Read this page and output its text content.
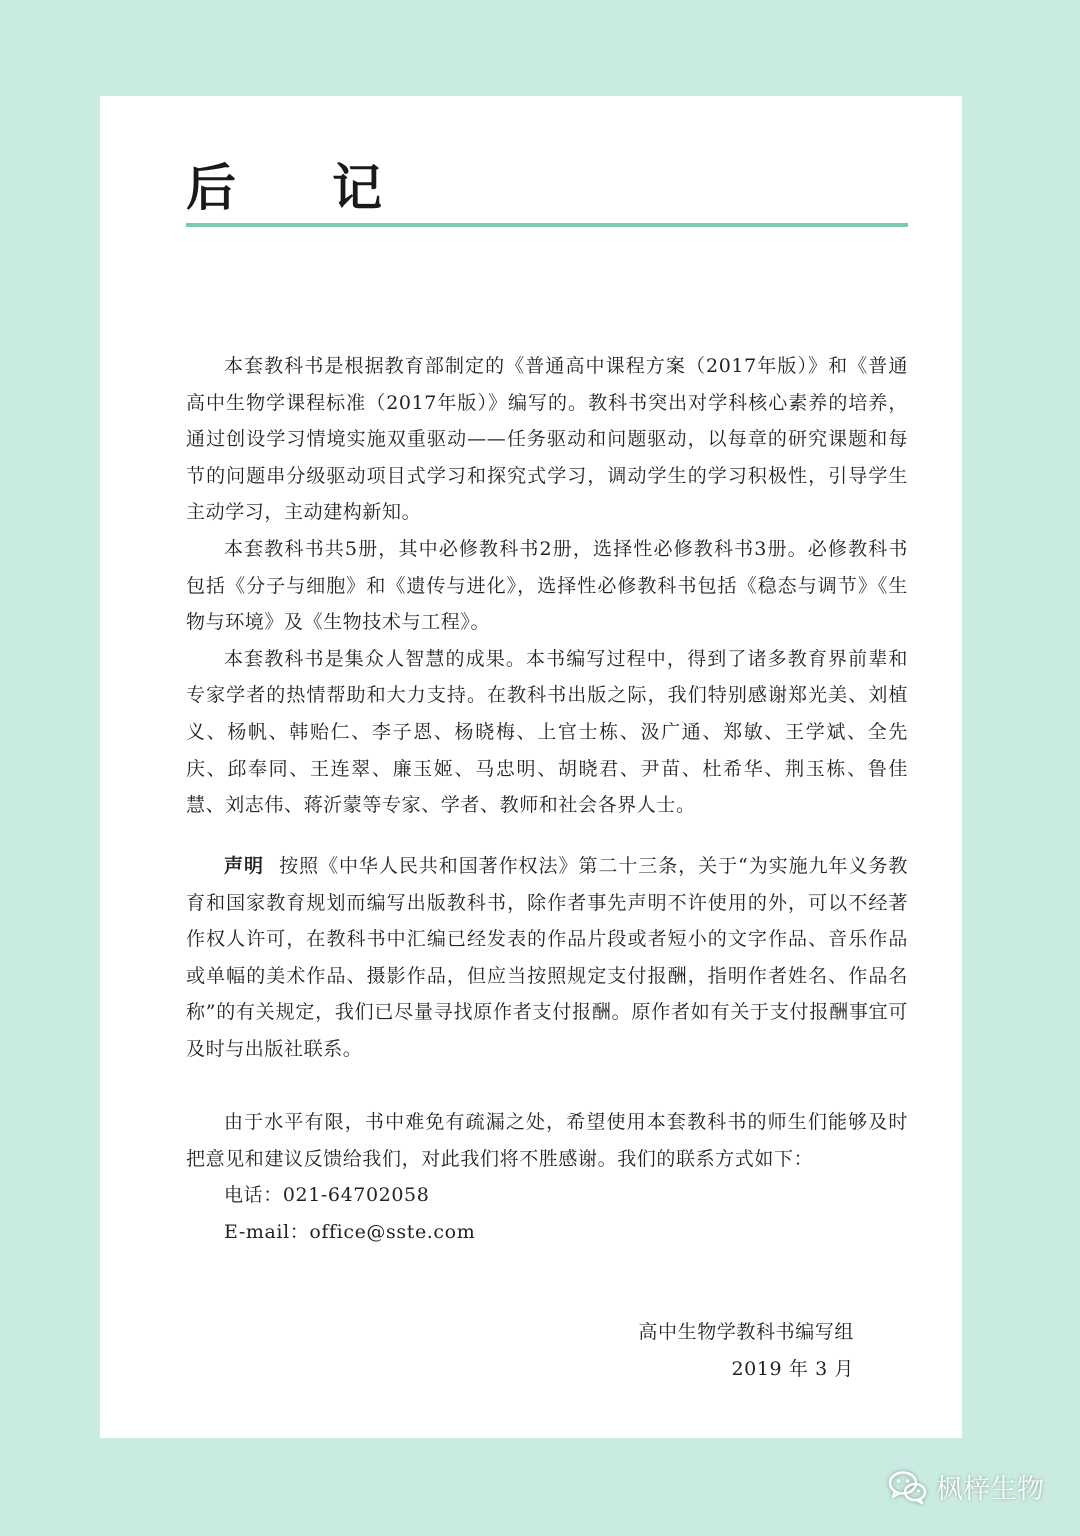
后记

本套教科书是根据教育部制定的《普通高中课程方案（2017年版）》和《普通高中生物学课程标准（2017年版）》编写的。教科书突出对学科核心素养的培养，通过创设学习情境实施双重驱动——任务驱动和问题驱动，以每章的研究课题和每节的问题串分级驱动项目式学习和探究式学习，调动学生的学习积极性，引导学生主动学习，主动建构新知。

本套教科书共5册，其中必修教科书2册，选择性必修教科书3册。必修教科书包括《分子与细胞》和《遗传与进化》，选择性必修教科书包括《稳态与调节》《生物与环境》及《生物技术与工程》。

本套教科书是集众人智慧的成果。本书编写过程中，得到了诸多教育界前辈和专家学者的热情帮助和大力支持。在教科书出版之际，我们特别感谢郑光美、刘植义、杨帆、韩贻仁、李子恩、杨晓梅、上官士栋、汲广通、郑敏、王学斌、全先庆、邱奉同、王连翠、廉玉姬、马忠明、胡晓君、尹苗、杜希华、荆玉栋、鲁佳慧、刘志伟、蒋沂蒙等专家、学者、教师和社会各界人士。

声明 按照《中华人民共和国著作权法》第二十三条，关于“为实施九年义务教育和国家教育规划而编写出版教科书，除作者事先声明不许使用的外，可以不经著作权人许可，在教科书中汇编已经发表的作品片段或者短小的文字作品、音乐作品或单幅的美术作品、摄影作品，但应当按照规定支付报酬，指明作者姓名、作品名称”的有关规定，我们已尽量寻找原作者支付报酬。原作者如有关于支付报酬事宜可及时与出版社联系。

由于水平有限，书中难免有疏漏之处，希望使用本套教科书的师生们能够及时把意见和建议反馈给我们，对此我们将不胜感谢。我们的联系方式如下：

电话：021-64702058
E-mail：office@sste.com
高中生物学教科书编写组
2019 年 3 月
枫梓生物
